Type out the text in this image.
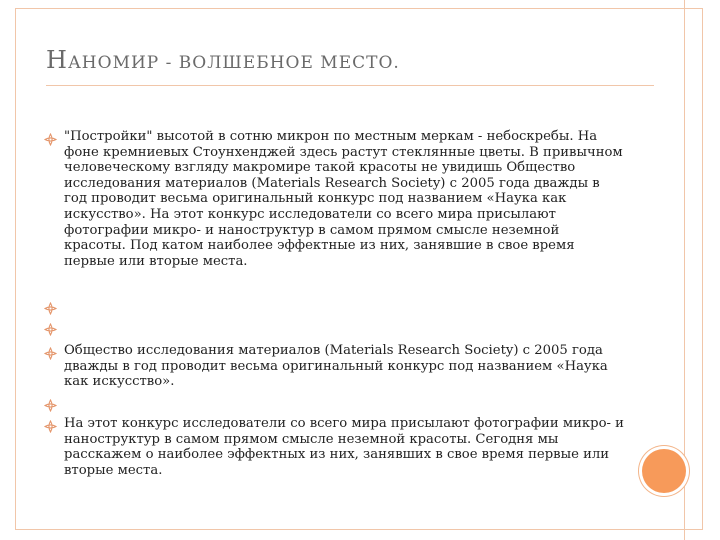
НАНОМИР - ВОЛШЕБНОЕ МЕСТО.

"Постройки" высотой в сотню микрон по местным меркам - небоскребы. На фоне кремниевых Стоунхенджей здесь растут стеклянные цветы. В привычном человеческому взгляду макромире такой красоты не увидишь Общество исследования материалов (Materials Research Society) с 2005 года дважды в год проводит весьма оригинальный конкурс под названием «Наука как искусство». На этот конкурс исследователи со всего мира присылают фотографии микро- и наноструктур в самом прямом смысле неземной красоты. Под катом наиболее эффектные из них, занявшие в свое время первые или вторые места.

Общество исследования материалов (Materials Research Society) с 2005 года дважды в год проводит весьма оригинальный конкурс под названием «Наука как искусство».

На этот конкурс исследователи со всего мира присылают фотографии микро- и наноструктур в самом прямом смысле неземной красоты. Сегодня мы расскажем о наиболее эффектных из них, занявших в свое время первые или вторые места.
